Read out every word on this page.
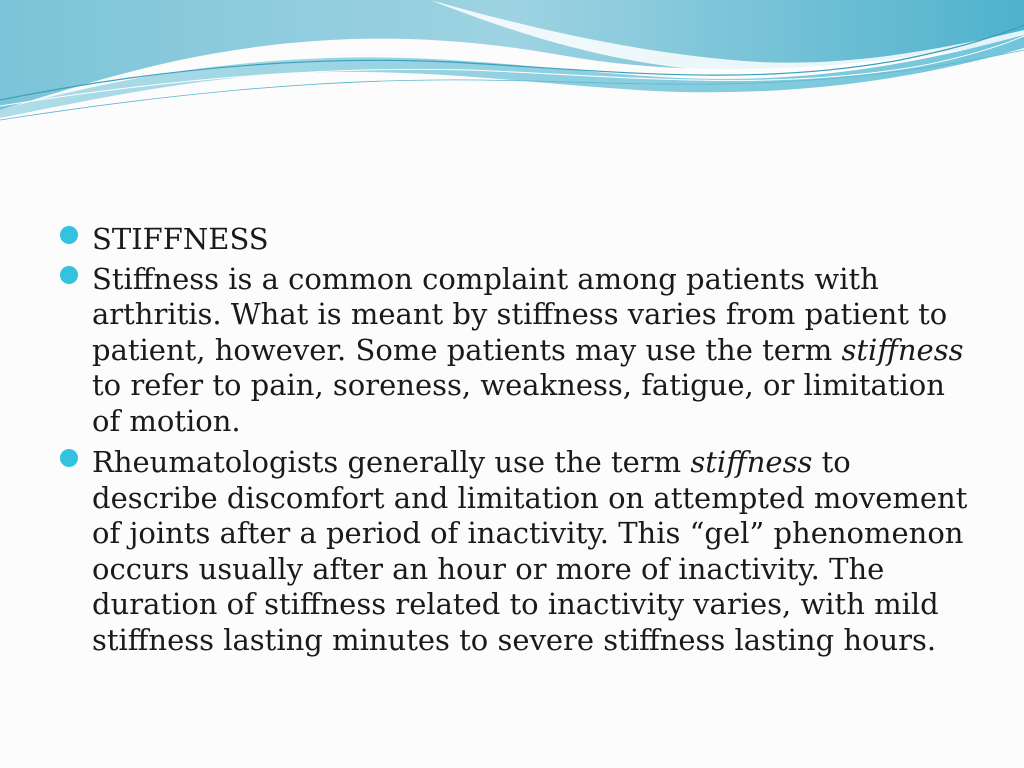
STIFFNESS

Stiffness is a common complaint among patients with arthritis. What is meant by stiffness varies from patient to patient, however. Some patients may use the term stiffness to refer to pain, soreness, weakness, fatigue, or limitation of motion.

Rheumatologists generally use the term stiffness to describe discomfort and limitation on attempted movement of joints after a period of inactivity. This “gel” phenomenon occurs usually after an hour or more of inactivity. The duration of stiffness related to inactivity varies, with mild stiffness lasting minutes to severe stiffness lasting hours.
